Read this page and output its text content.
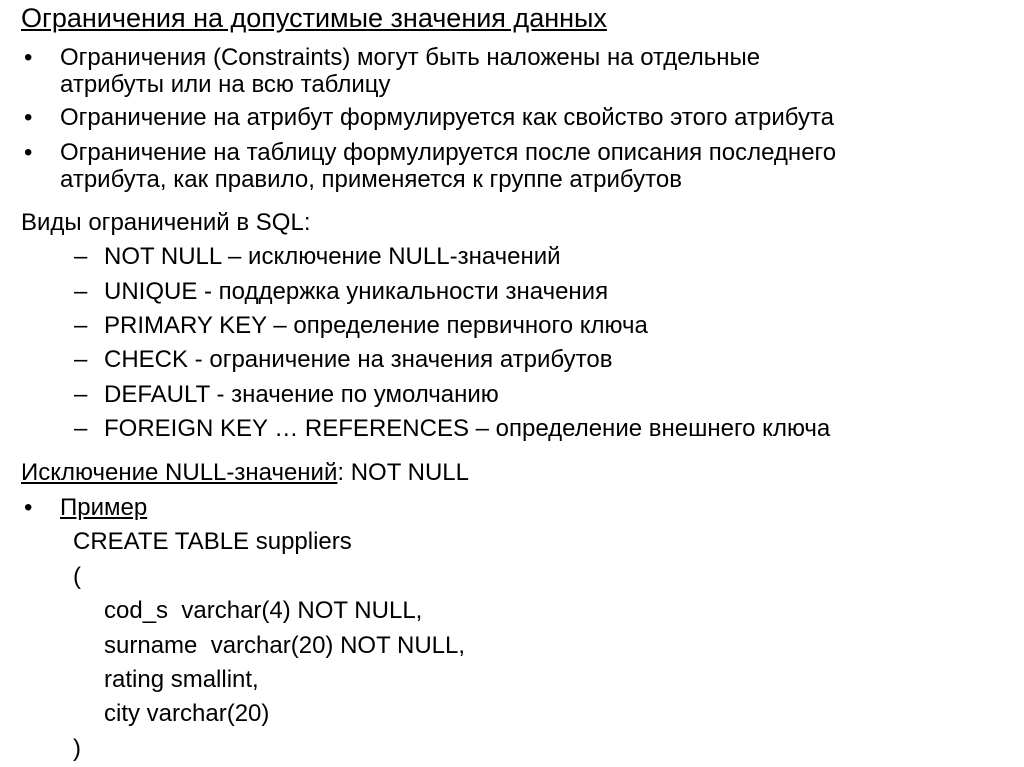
Ограничения на допустимые значения данных
• Ограничения (Constraints) могут быть наложены на отдельные
атрибуты или на всю таблицу
• Ограничение на атрибут формулируется как свойство этого атрибута
• Ограничение на таблицу формулируется после описания последнего
атрибута, как правило, применяется к группе атрибутов
Виды ограничений в SQL:
– NOT NULL – исключение NULL-значений
– UNIQUE - поддержка уникальности значения
– PRIMARY KEY – определение первичного ключа
– CHECK - ограничение на значения атрибутов
– DEFAULT - значение по умолчанию
– FOREIGN KEY … REFERENCES – определение внешнего ключа
Исключение NULL-значений: NOT NULL
• Пример
CREATE TABLE suppliers
(
cod_s  varchar(4) NOT NULL,
surname  varchar(20) NOT NULL,
rating smallint,
city varchar(20)
)
